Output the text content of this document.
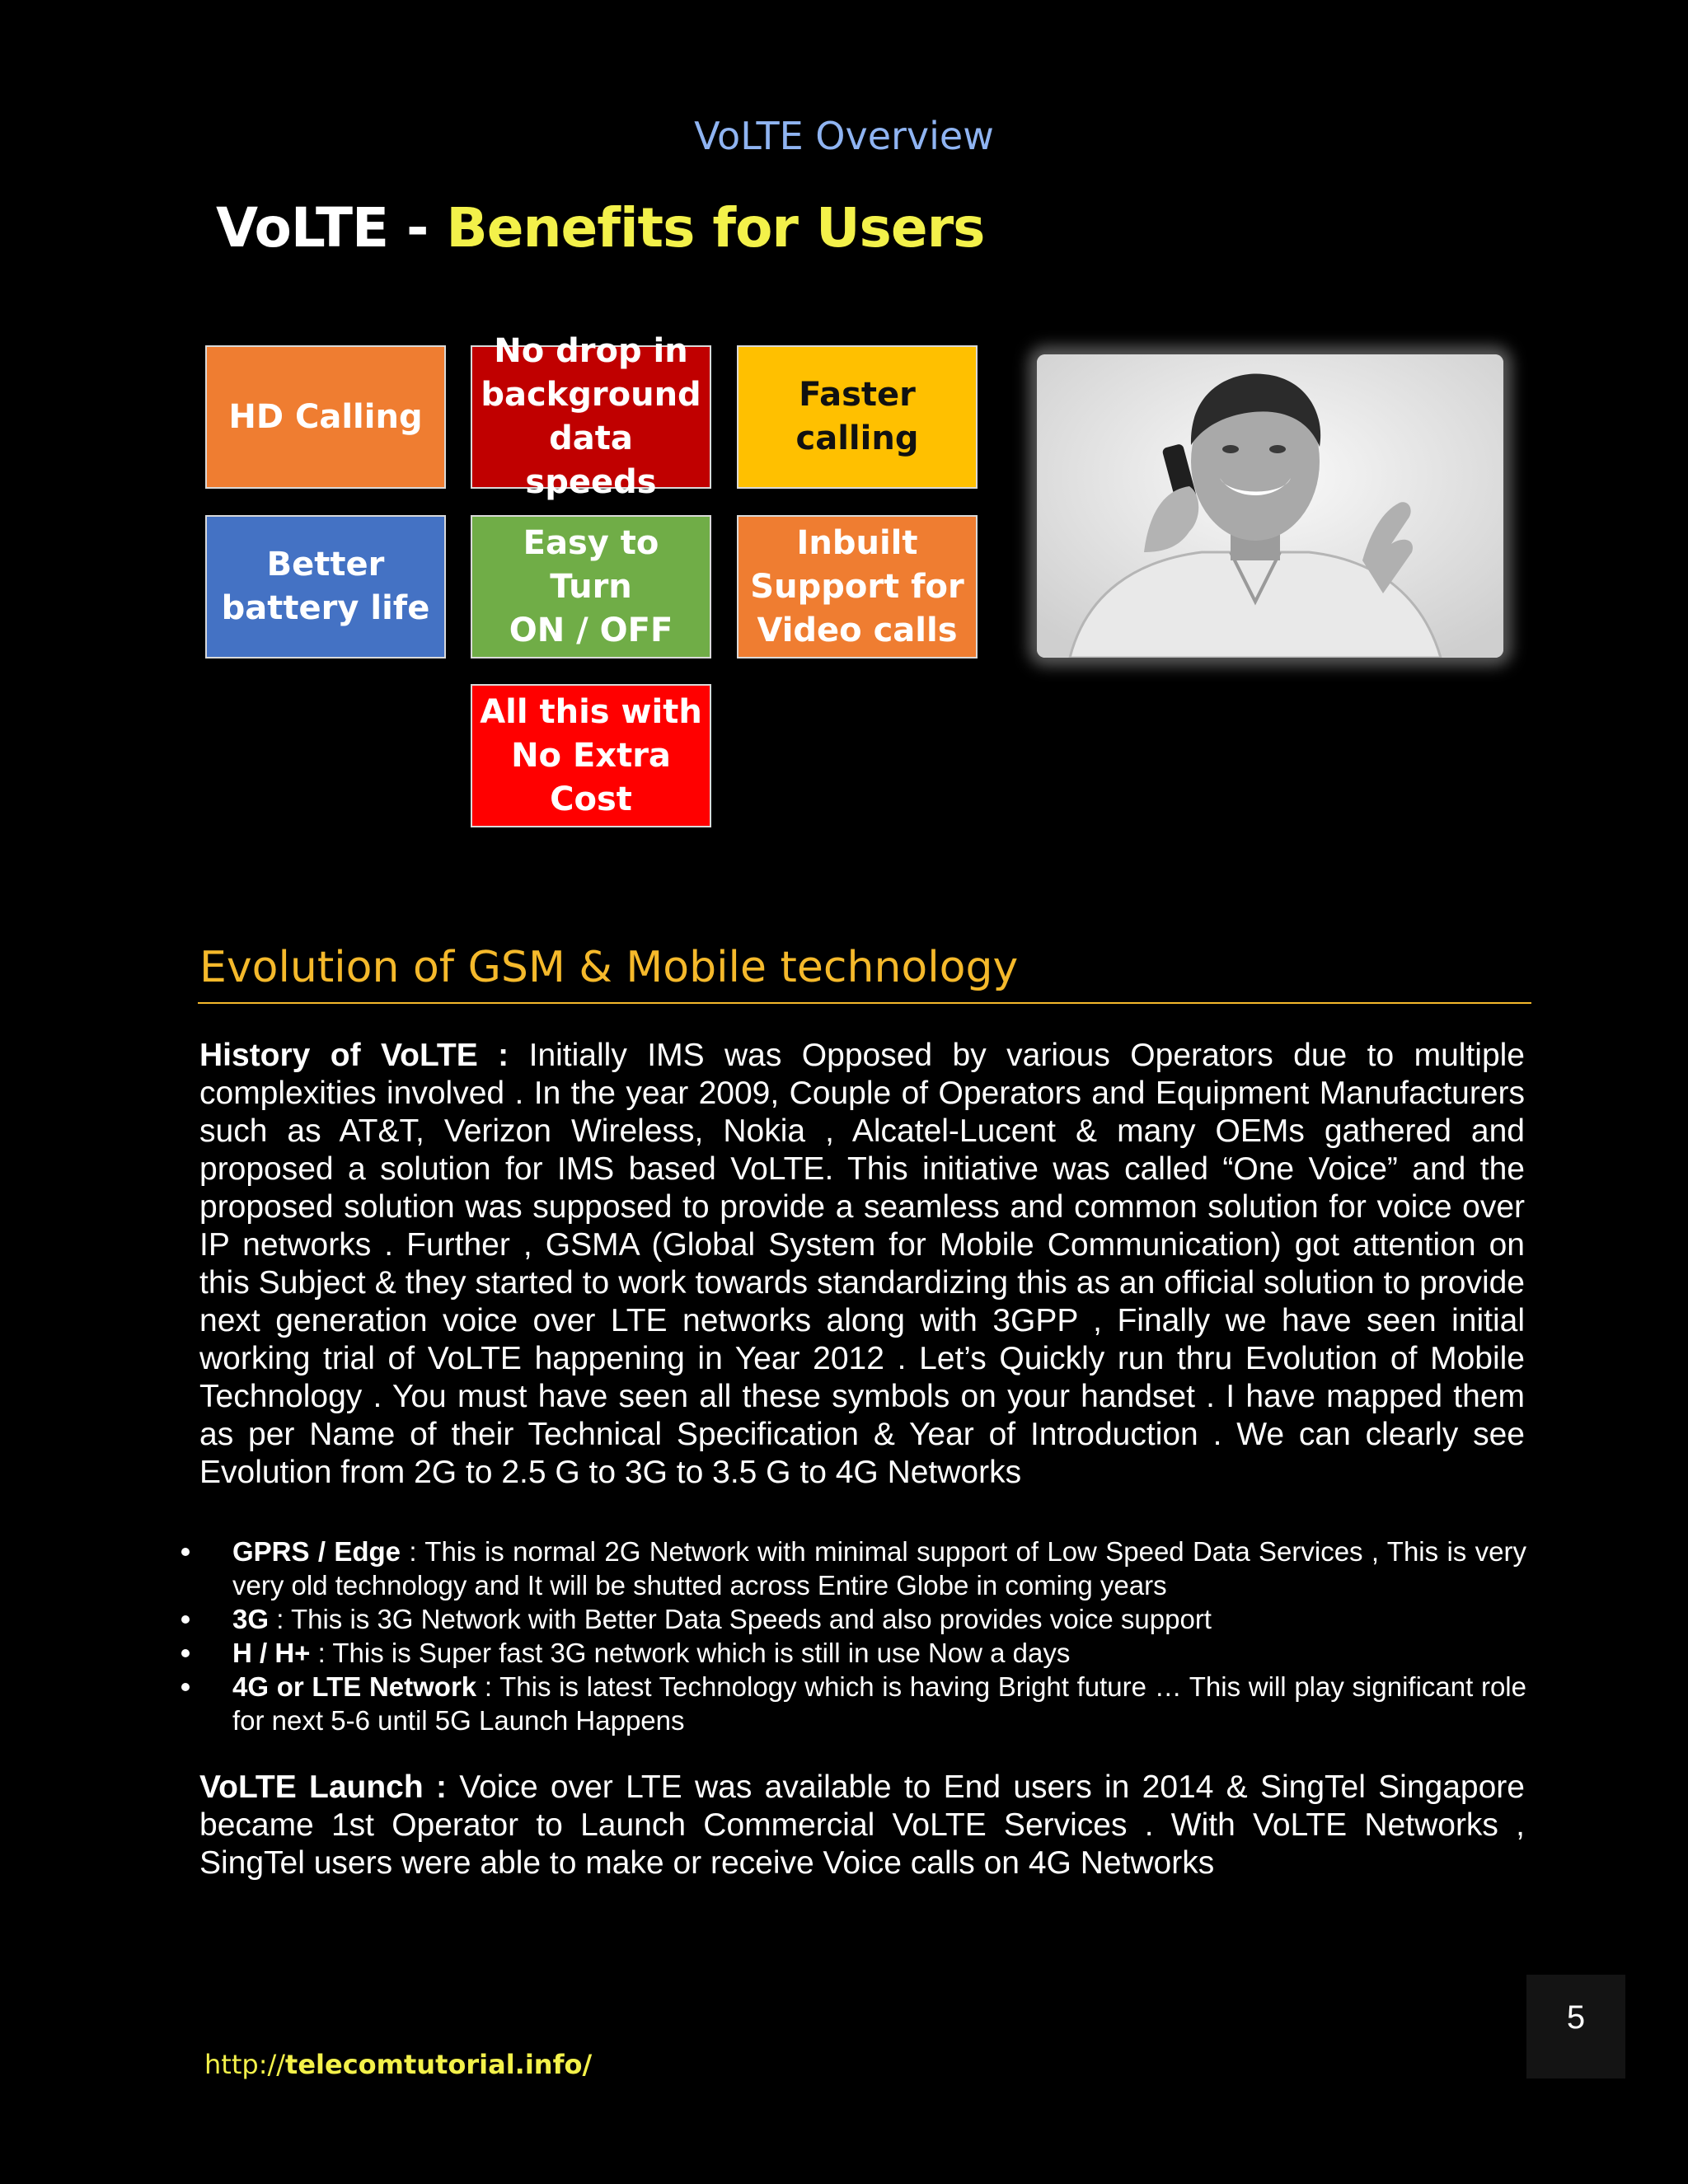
VoLTE Overview
VoLTE - Benefits for Users
HD Calling
No drop in
background
data speeds
Faster
calling
Better
battery life
Easy to Turn
ON / OFF
Inbuilt
Support for
Video calls
All this with
No Extra Cost
Evolution of GSM & Mobile technology
History of VoLTE : Initially IMS was Opposed by various Operators due to multiple complexities involved . In the year 2009, Couple of Operators and Equipment Manufacturers such as AT&T, Verizon Wireless, Nokia , Alcatel-Lucent & many OEMs gathered and proposed a solution for IMS based VoLTE. This initiative was called “One Voice” and the proposed solution was supposed to provide a seamless and common solution for voice over IP networks . Further , GSMA (Global System for Mobile Communication) got attention on this Subject & they started to work towards standardizing this as an official solution to provide next generation voice over LTE networks along with 3GPP , Finally we have seen initial working trial of VoLTE happening in Year 2012 . Let’s Quickly run thru Evolution of Mobile Technology . You must have seen all these symbols on your handset . I have mapped them as per Name of their Technical Specification & Year of Introduction . We can clearly see Evolution from 2G to 2.5 G to 3G to 3.5 G to 4G Networks
GPRS / Edge : This is normal 2G Network with minimal support of Low Speed Data Services , This is very very old technology and It will be shutted across Entire Globe in coming years
3G : This is 3G Network with Better Data Speeds and also provides voice support
H / H+ : This is Super fast 3G network which is still in use Now a days
4G or LTE Network : This is latest Technology which is having Bright future … This will play significant role for next 5-6 until 5G Launch Happens
VoLTE Launch : Voice over LTE was available to End users in 2014 & SingTel Singapore became 1st Operator to Launch Commercial VoLTE Services . With VoLTE Networks , SingTel users were able to make or receive Voice calls on 4G Networks
5
http://telecomtutorial.info/
